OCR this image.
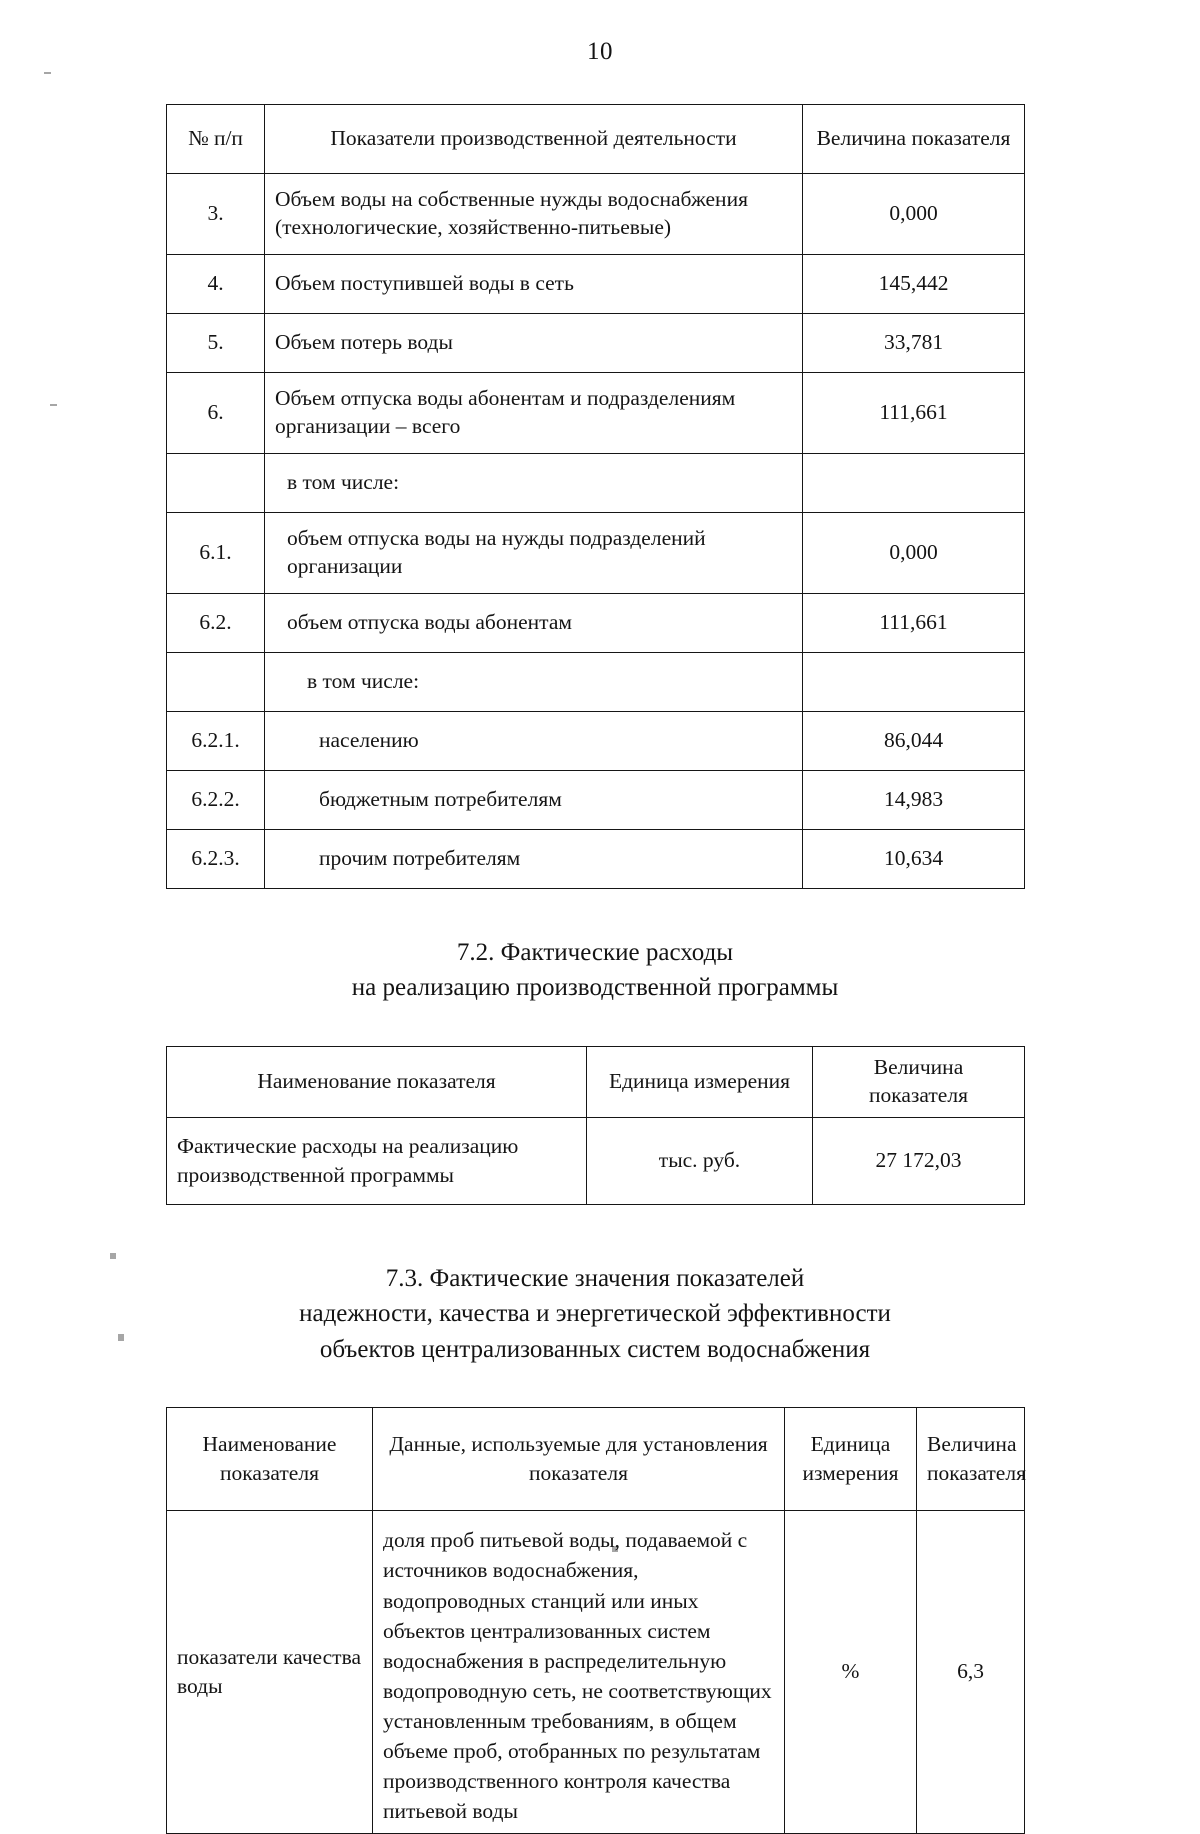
10
№ п/п	Показатели производственной деятельности	Величина показателя
3.	Объем воды на собственные нужды водоснабжения (технологические, хозяйственно-питьевые)	0,000
4.	Объем поступившей воды в сеть	145,442
5.	Объем потерь воды	33,781
6.	Объем отпуска воды абонентам и подразделениям организации – всего	111,661
	в том числе:	
6.1.	объем отпуска воды на нужды подразделений организации	0,000
6.2.	объем отпуска воды абонентам	111,661
	в том числе:	
6.2.1.	населению	86,044
6.2.2.	бюджетным потребителям	14,983
6.2.3.	прочим потребителям	10,634
7.2. Фактические расходы
на реализацию производственной программы
Наименование показателя	Единица измерения	Величина показателя
Фактические расходы на реализацию производственной программы	тыс. руб.	27 172,03
7.3. Фактические значения показателей
надежности, качества и энергетической эффективности
объектов централизованных систем водоснабжения
Наименование показателя	Данные, используемые для установления показателя	Единица измерения	Величина показателя
показатели качества воды	доля проб питьевой воды, подаваемой с источников водоснабжения, водопроводных станций или иных объектов централизованных систем водоснабжения в распределительную водопроводную сеть, не соответствующих установленным требованиям, в общем объеме проб, отобранных по результатам производственного контроля качества питьевой воды	%	6,3
